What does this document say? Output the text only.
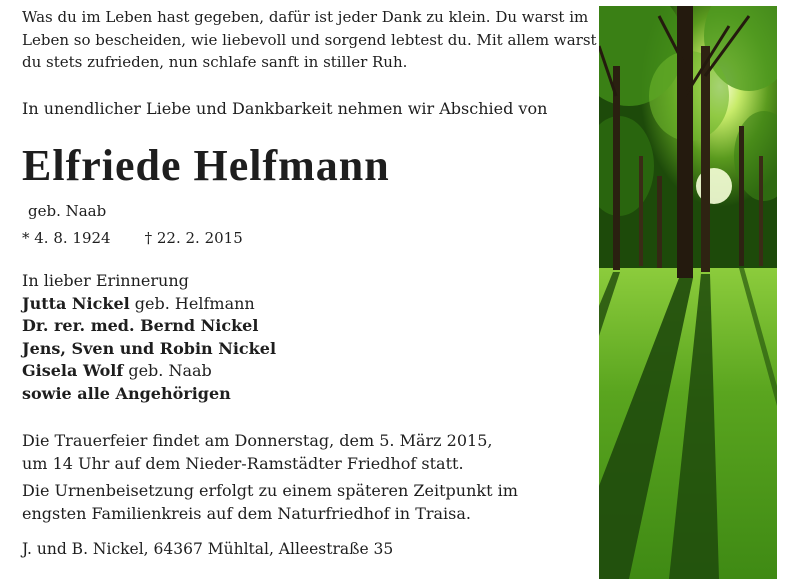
Was du im Leben hast gegeben, dafür ist jeder Dank zu klein. Du warst im
Leben so bescheiden, wie liebevoll und sorgend lebtest du. Mit allem warst
du stets zufrieden, nun schlafe sanft in stiller Ruh.
In unendlicher Liebe und Dankbarkeit nehmen wir Abschied von
Elfriede Helfmann
geb. Naab
* 4. 8. 1924 † 22. 2. 2015
In lieber Erinnerung
Jutta Nickel geb. Helfmann
Dr. rer. med. Bernd Nickel
Jens, Sven und Robin Nickel
Gisela Wolf geb. Naab
sowie alle Angehörigen
Die Trauerfeier findet am Donnerstag, dem 5. März 2015,
um 14 Uhr auf dem Nieder-Ramstädter Friedhof statt.
Die Urnenbeisetzung erfolgt zu einem späteren Zeitpunkt im
engsten Familienkreis auf dem Naturfriedhof in Traisa.
J. und B. Nickel, 64367 Mühltal, Alleestraße 35
